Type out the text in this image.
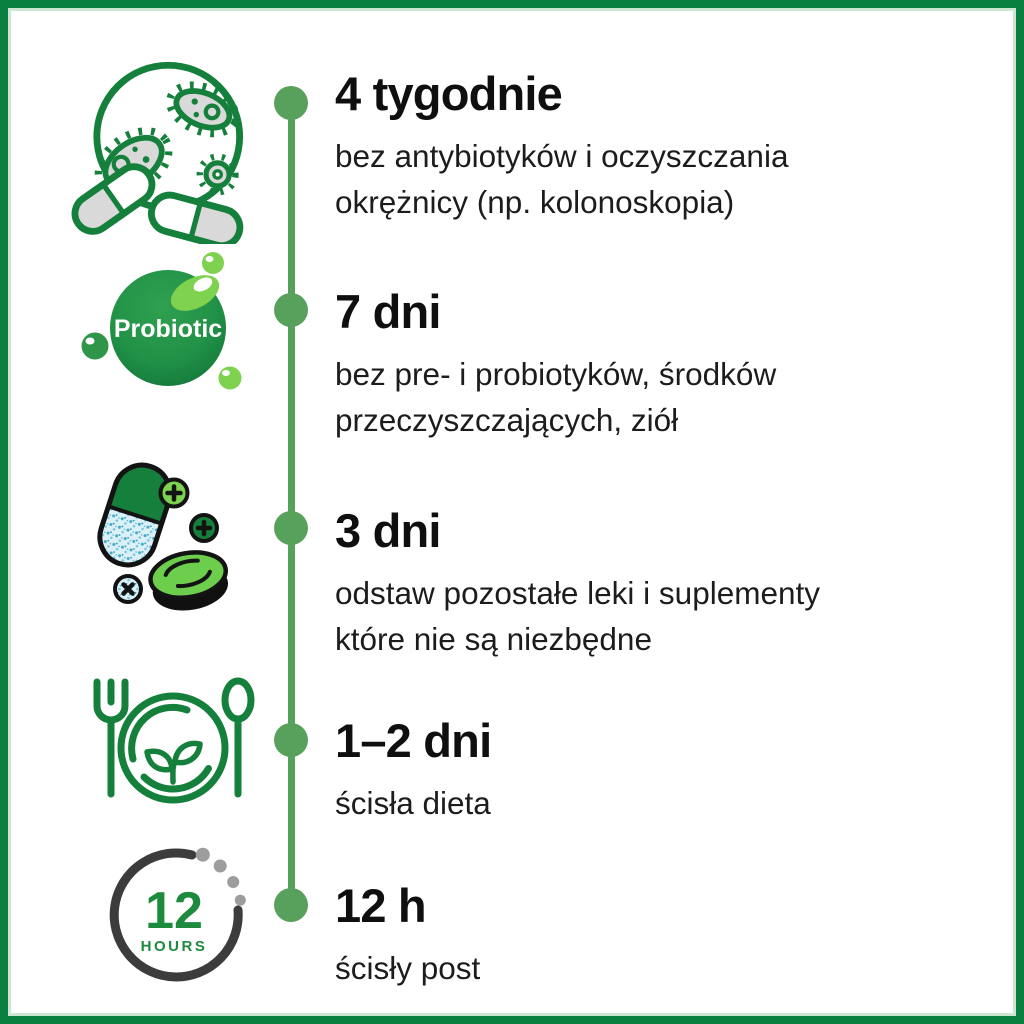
Probiotic
12
HOURS
4 tygodnie

bez antybiotyków i oczyszczania
okrężnicy (np. kolonoskopia)

7 dni

bez pre- i probiotyków, środków
przeczyszczających, ziół

3 dni

odstaw pozostałe leki i suplementy
które nie są niezbędne

1–2 dni

ścisła dieta

12 h

ścisły post
